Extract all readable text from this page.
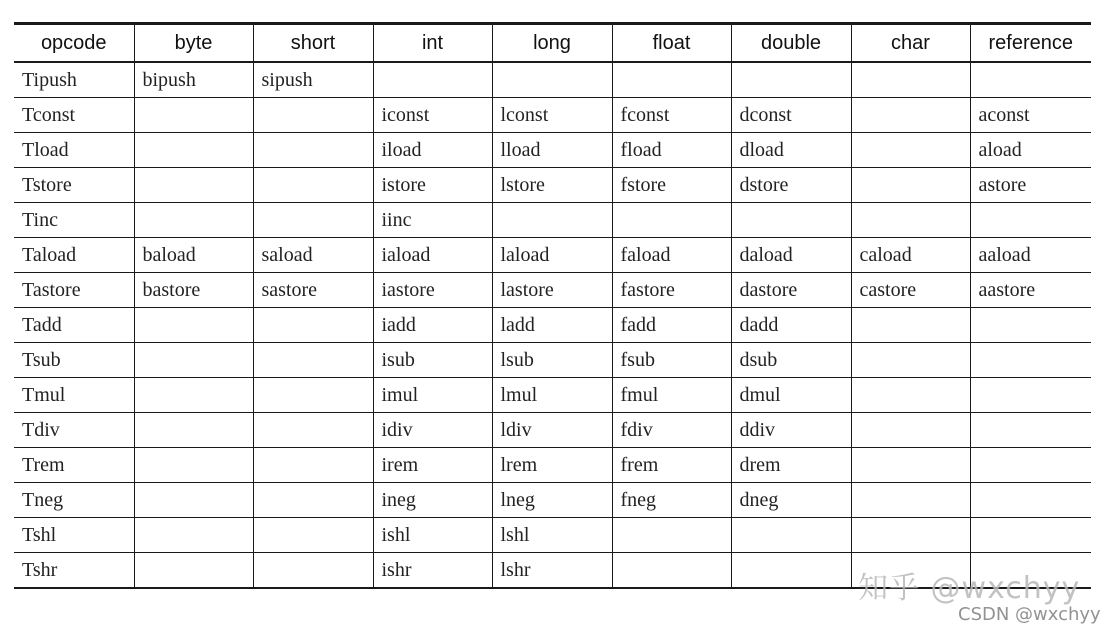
opcode	byte	short	int	long	float	double	char	reference
Tipush	bipush	sipush						
Tconst			iconst	lconst	fconst	dconst		aconst
Tload			iload	lload	fload	dload		aload
Tstore			istore	lstore	fstore	dstore		astore
Tinc			iinc					
Taload	baload	saload	iaload	laload	faload	daload	caload	aaload
Tastore	bastore	sastore	iastore	lastore	fastore	dastore	castore	aastore
Tadd			iadd	ladd	fadd	dadd		
Tsub			isub	lsub	fsub	dsub		
Tmul			imul	lmul	fmul	dmul		
Tdiv			idiv	ldiv	fdiv	ddiv		
Trem			irem	lrem	frem	drem		
Tneg			ineg	lneg	fneg	dneg		
Tshl			ishl	lshl				
Tshr			ishr	lshr				
知乎 @wxchyy
CSDN @wxchyy
